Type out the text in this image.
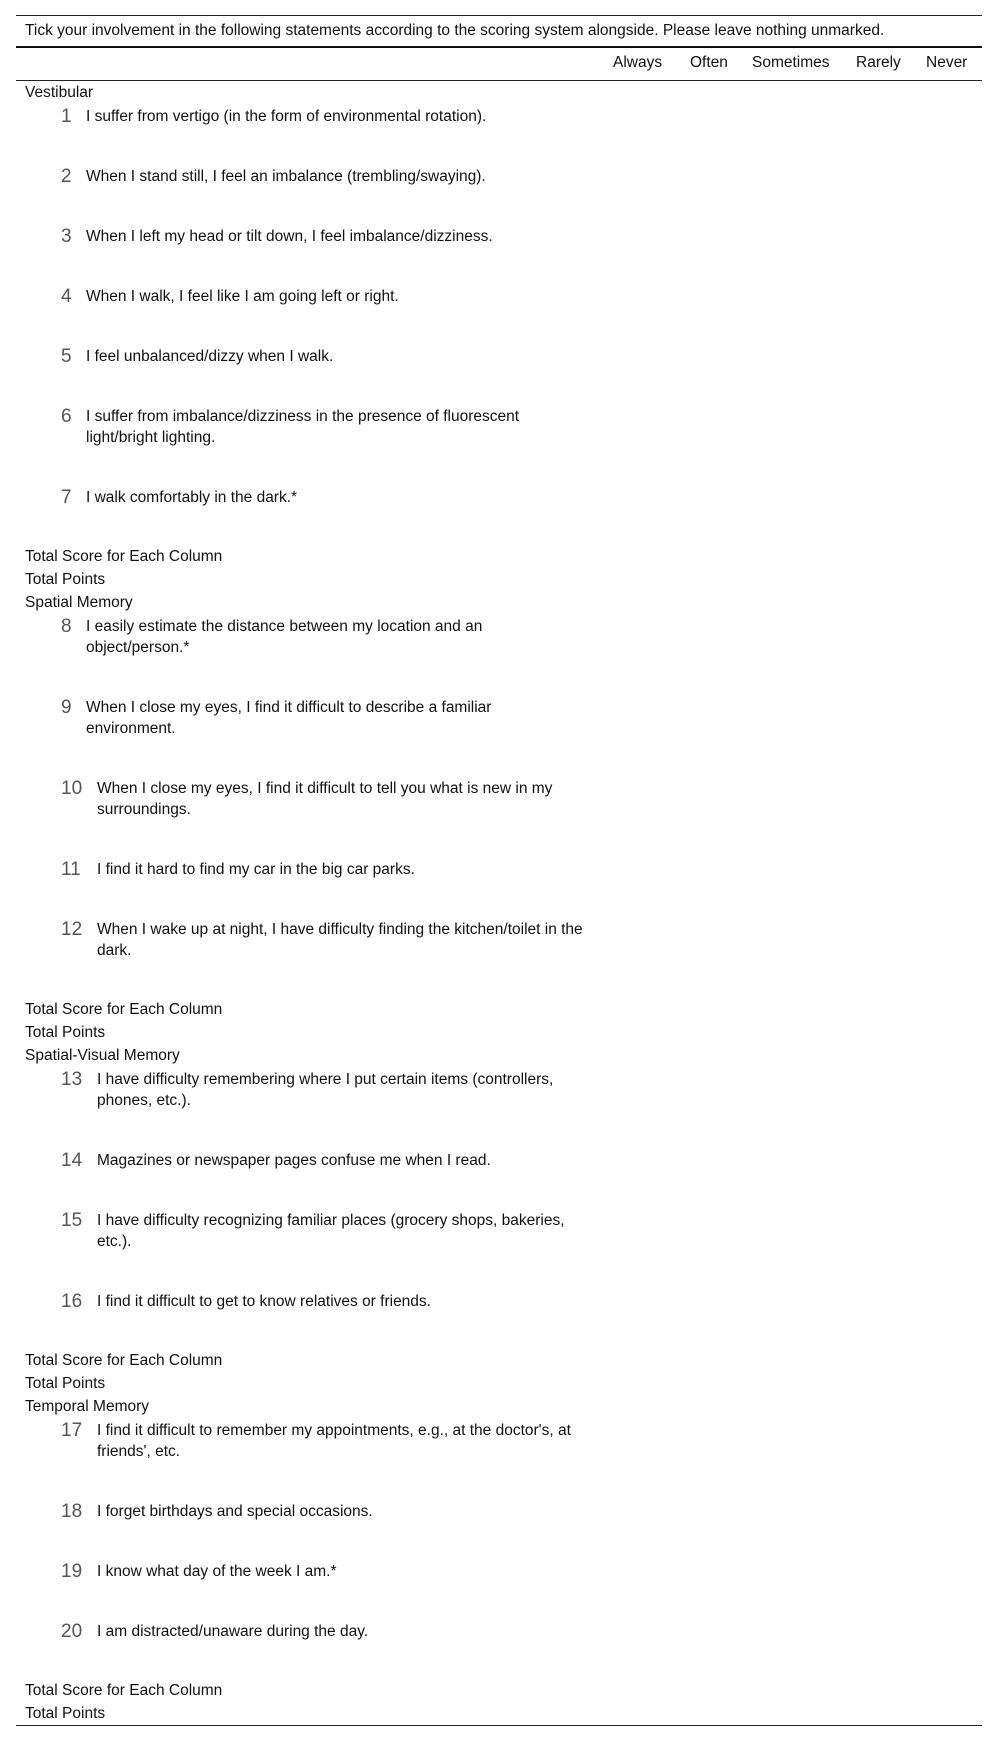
Tick your involvement in the following statements according to the scoring system alongside. Please leave nothing unmarked.
Always Often Sometimes Rarely Never
Vestibular
1 I suffer from vertigo (in the form of environmental rotation).
2 When I stand still, I feel an imbalance (trembling/swaying).
3 When I left my head or tilt down, I feel imbalance/dizziness.
4 When I walk, I feel like I am going left or right.
5 I feel unbalanced/dizzy when I walk.
6 I suffer from imbalance/dizziness in the presence of fluorescent light/bright lighting.
7 I walk comfortably in the dark.*
Total Score for Each Column
Total Points
Spatial Memory
8 I easily estimate the distance between my location and an object/person.*
9 When I close my eyes, I find it difficult to describe a familiar environment.
10 When I close my eyes, I find it difficult to tell you what is new in my surroundings.
11 I find it hard to find my car in the big car parks.
12 When I wake up at night, I have difficulty finding the kitchen/toilet in the dark.
Total Score for Each Column
Total Points
Spatial-Visual Memory
13 I have difficulty remembering where I put certain items (controllers, phones, etc.).
14 Magazines or newspaper pages confuse me when I read.
15 I have difficulty recognizing familiar places (grocery shops, bakeries, etc.).
16 I find it difficult to get to know relatives or friends.
Total Score for Each Column
Total Points
Temporal Memory
17 I find it difficult to remember my appointments, e.g., at the doctor's, at friends', etc.
18 I forget birthdays and special occasions.
19 I know what day of the week I am.*
20 I am distracted/unaware during the day.
Total Score for Each Column
Total Points
